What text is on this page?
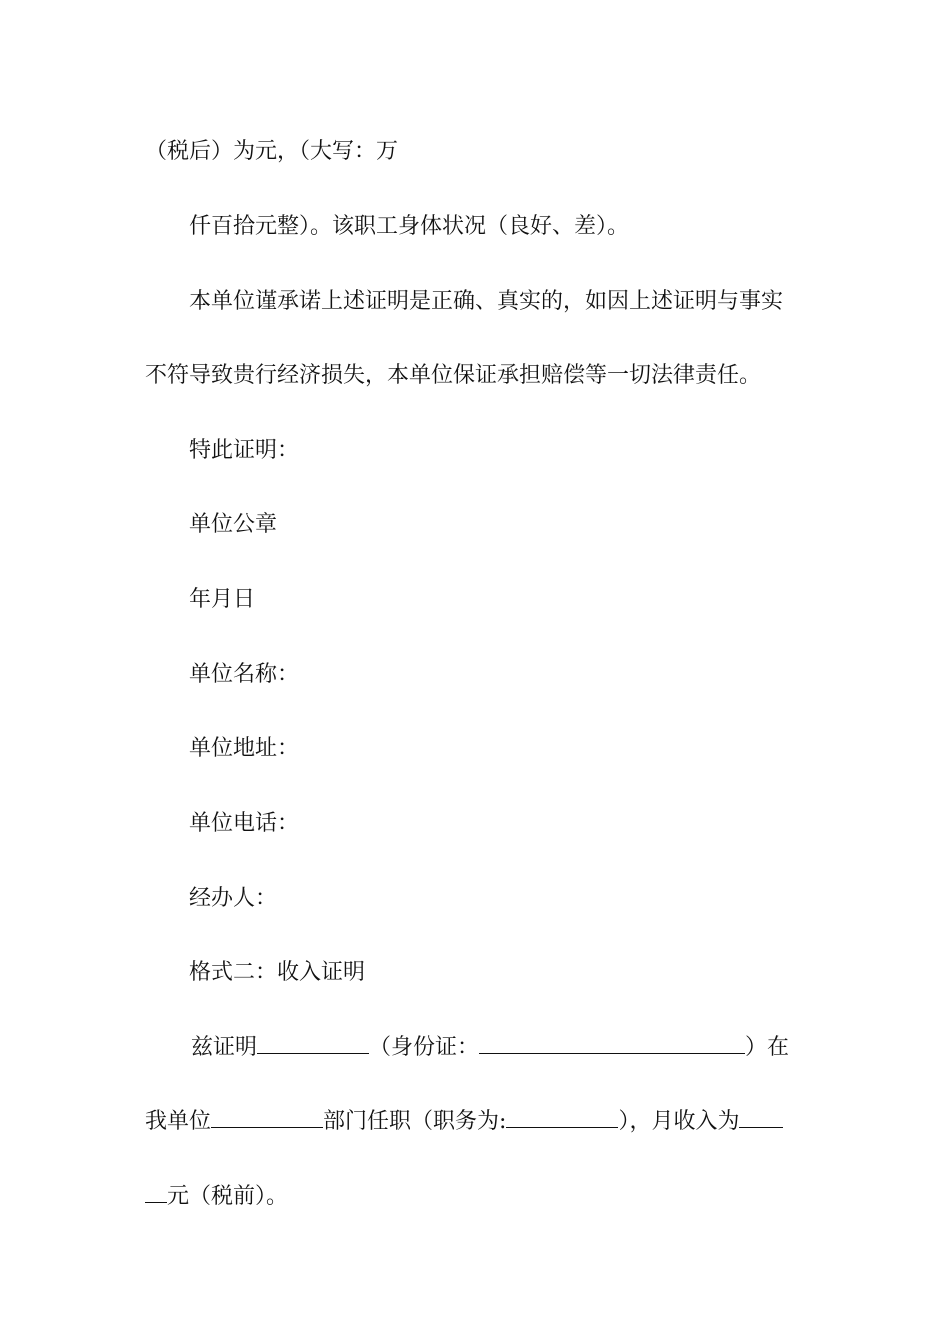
（税后）为元，（大写：万
仟百拾元整）。该职工身体状况（良好、差）。
本单位谨承诺上述证明是正确、真实的，如因上述证明与事实
不符导致贵行经济损失，本单位保证承担赔偿等一切法律责任。
特此证明：
单位公章
年月日
单位名称：
单位地址：
单位电话：
经办人：
格式二：收入证明
兹证明	（身份证：	）在
我单位	部门任职（职务为:	），月收入为
元（税前）。
